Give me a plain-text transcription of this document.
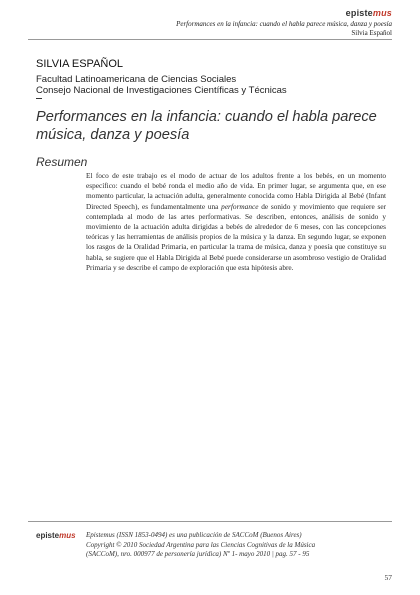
epistemus
Performances en la infancia: cuando el habla parece música, danza y poesía
Silvia Español
SILVIA ESPAÑOL
Facultad Latinoamericana de Ciencias Sociales
Consejo Nacional de Investigaciones Científicas y Técnicas
Performances en la infancia: cuando el habla parece música, danza y poesía
Resumen

El foco de este trabajo es el modo de actuar de los adultos frente a los bebés, en un momento específico: cuando el bebé ronda el medio año de vida. En primer lugar, se argumenta que, en ese momento particular, la actuación adulta, generalmente conocida como Habla Dirigida al Bebé (Infant Directed Speech), es fundamentalmente una performance de sonido y movimiento que requiere ser contemplada al modo de las artes performativas. Se describen, entonces, análisis de sonido y movimiento de la actuación adulta dirigidas a bebés de alrededor de 6 meses, con las concepciones teóricas y las herramientas de análisis propios de la música y la danza. En segundo lugar, se exponen los rasgos de la Oralidad Primaria, en particular la trama de música, danza y poesía que constituye su habla, se sugiere que el Habla Dirigida al Bebé puede considerarse un asombroso vestigio de Oralidad Primaria y se describe el campo de exploración que esta hipótesis abre.

epistemus Epistemus (ISSN 1853-0494) es una publicación de SACCoM (Buenos Aires)
Copyright © 2010 Sociedad Argentina para las Ciencias Cognitivas de la Música
(SACCoM), nro. 000977 de personería jurídica) Nº 1- mayo 2010 | pag. 57 - 95
57
